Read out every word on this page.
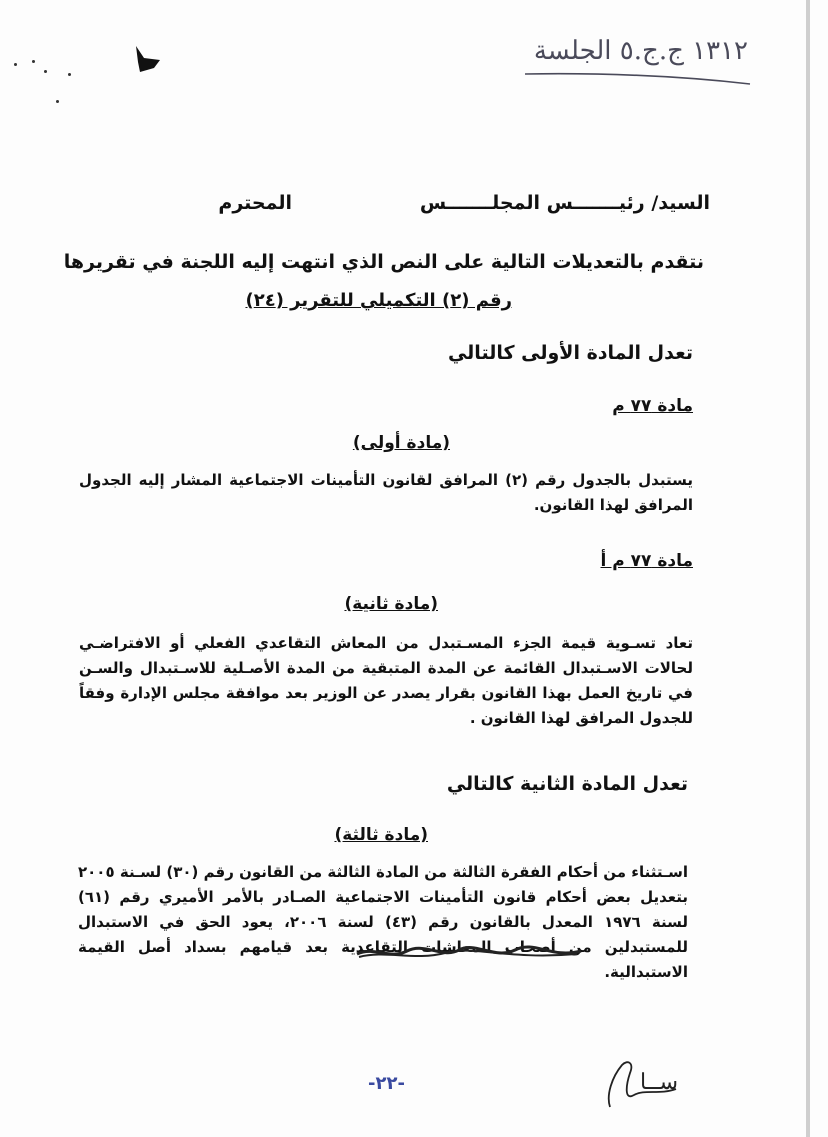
١٣١٢ ج.ج.٥ الجلسة
السيد/ رئيـــــــس المجلـــــــس
المحترم
نتقدم بالتعديلات التالية على النص الذي انتهت إليه اللجنة في تقريرها
رقم (٢) التكميلي للتقرير (٢٤)
تعدل المادة الأولى كالتالي
مادة ٧٧ م
(مادة أولى)
يستبدل بالجدول رقم (٢) المرافق لقانون التأمينات الاجتماعية المشار إليه الجدول المرافق لهذا القانون.
مادة ٧٧ م أ
(مادة ثانية)
تعاد تسـوية قيمة الجزء المسـتبدل من المعاش التقاعدي الفعلي أو الافتراضـي لحالات الاسـتبدال القائمة عن المدة المتبقية من المدة الأصـلية للاسـتبدال والسـن في تاريخ العمل بهذا القانون بقرار يصدر عن الوزير بعد موافقة مجلس الإدارة وفقاً للجدول المرافق لهذا القانون .
تعدل المادة الثانية كالتالي
(مادة ثالثة)
اسـتثناء من أحكام الفقرة الثالثة من المادة الثالثة من القانون رقم (٣٠) لسـنة ٢٠٠٥ بتعديل بعض أحكام قانون التأمينات الاجتماعية الصـادر بالأمر الأميري رقم (٦١) لسنة ١٩٧٦ المعدل بالقانون رقم (٤٣) لسنة ٢٠٠٦، يعود الحق في الاستبدال للمستبدلين من أصحاب المعاشات التقاعدية بعد قيامهم بسداد أصل القيمة الاستبدالية.
-٢٢-	ســا
